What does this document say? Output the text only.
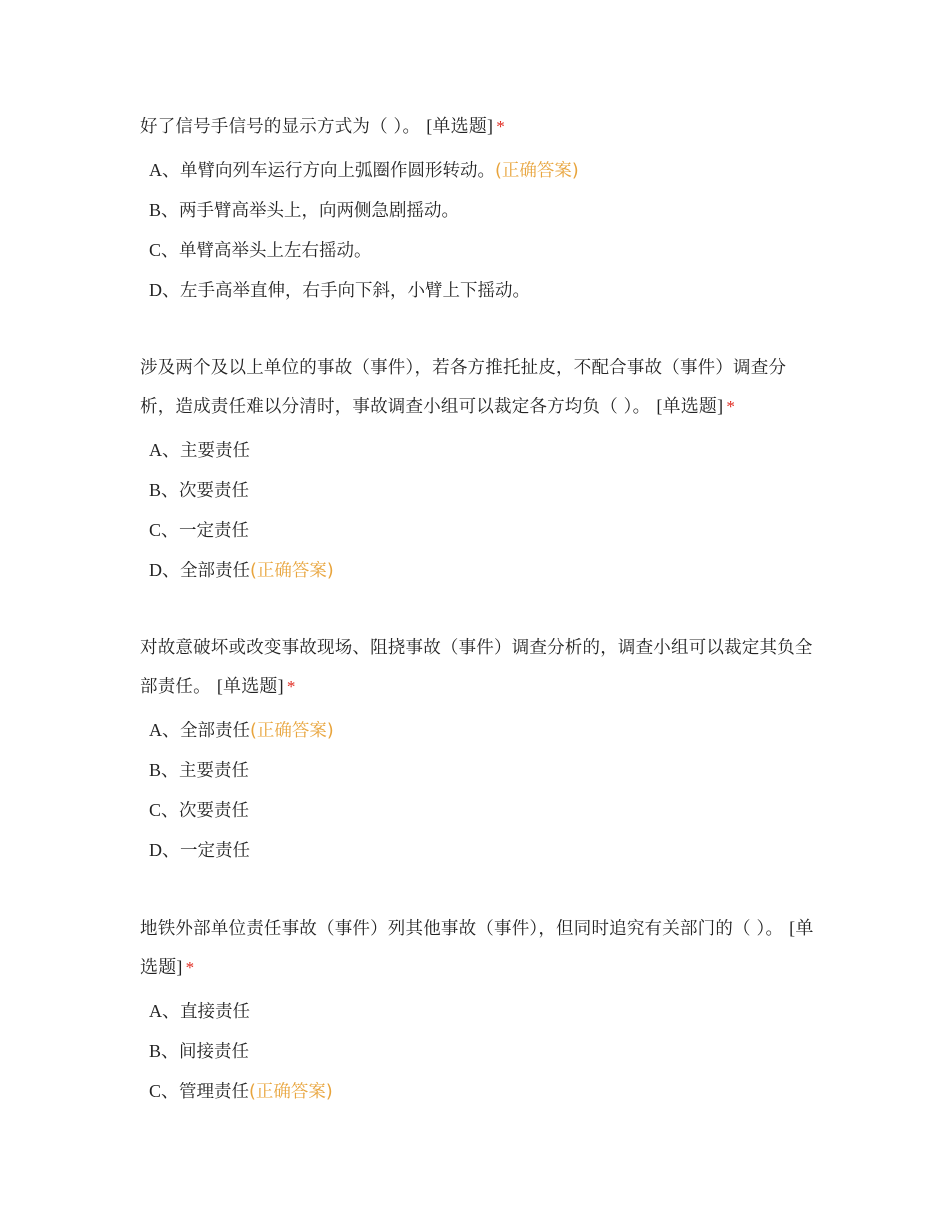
好了信号手信号的显示方式为（ ）。 [单选题] *

A、单臂向列车运行方向上弧圈作圆形转动。(正确答案)
B、两手臂高举头上，向两侧急剧摇动。
C、单臂高举头上左右摇动。
D、左手高举直伸，右手向下斜，小臂上下摇动。

涉及两个及以上单位的事故（事件），若各方推托扯皮，不配合事故（事件）调查分析，造成责任难以分清时，事故调查小组可以裁定各方均负（ ）。 [单选题] *

A、主要责任
B、次要责任
C、一定责任
D、全部责任(正确答案)

对故意破坏或改变事故现场、阻挠事故（事件）调查分析的，调查小组可以裁定其负全部责任。 [单选题] *

A、全部责任(正确答案)
B、主要责任
C、次要责任
D、一定责任

地铁外部单位责任事故（事件）列其他事故（事件），但同时追究有关部门的（ ）。 [单选题] *

A、直接责任
B、间接责任
C、管理责任(正确答案)
